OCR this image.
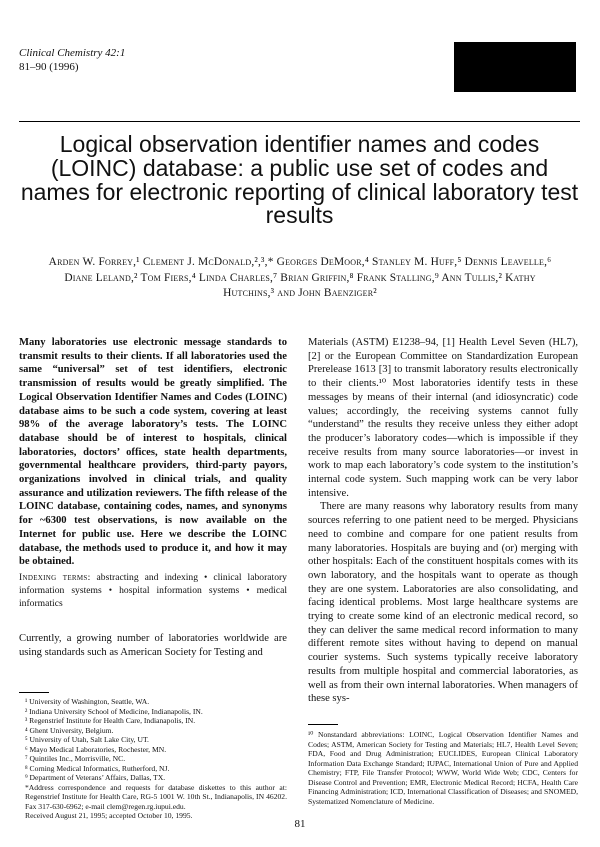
Clinical Chemistry 42:1
81–90 (1996)
Logical observation identifier names and codes (LOINC) database: a public use set of codes and names for electronic reporting of clinical laboratory test results
Arden W. Forrey,¹ Clement J. McDonald,²,³,* Georges DeMoor,⁴ Stanley M. Huff,⁵ Dennis Leavelle,⁶ Diane Leland,² Tom Fiers,⁴ Linda Charles,⁷ Brian Griffin,⁸ Frank Stalling,⁹ Ann Tullis,² Kathy Hutchins,³ and John Baenziger²
Many laboratories use electronic message standards to transmit results to their clients. If all laboratories used the same “universal” set of test identifiers, electronic transmission of results would be greatly simplified. The Logical Observation Identifier Names and Codes (LOINC) database aims to be such a code system, covering at least 98% of the average laboratory’s tests. The LOINC database should be of interest to hospitals, clinical laboratories, doctors’ offices, state health departments, governmental healthcare providers, third-party payors, organizations involved in clinical trials, and quality assurance and utilization reviewers. The fifth release of the LOINC database, containing codes, names, and synonyms for ~6300 test observations, is now available on the Internet for public use. Here we describe the LOINC database, the methods used to produce it, and how it may be obtained.
Indexing terms: abstracting and indexing • clinical laboratory information systems • hospital information systems • medical informatics
Currently, a growing number of laboratories worldwide are using standards such as American Society for Testing and
¹ University of Washington, Seattle, WA.
² Indiana University School of Medicine, Indianapolis, IN.
³ Regenstrief Institute for Health Care, Indianapolis, IN.
⁴ Ghent University, Belgium.
⁵ University of Utah, Salt Lake City, UT.
⁶ Mayo Medical Laboratories, Rochester, MN.
⁷ Quintiles Inc., Morrisville, NC.
⁸ Corning Medical Informatics, Rutherford, NJ.
⁹ Department of Veterans’ Affairs, Dallas, TX.
*Address correspondence and requests for database diskettes to this author at: Regenstrief Institute for Health Care, RG-5 1001 W. 10th St., Indianapolis, IN 46202. Fax 317-630-6962; e-mail clem@regen.rg.iupui.edu.
Received August 21, 1995; accepted October 10, 1995.

Materials (ASTM) E1238–94, [1] Health Level Seven (HL7), [2] or the European Committee on Standardization European Prerelease 1613 [3] to transmit laboratory results electronically to their clients.¹⁰ Most laboratories identify tests in these messages by means of their internal (and idiosyncratic) code values; accordingly, the receiving systems cannot fully “understand” the results they receive unless they either adopt the producer’s laboratory codes—which is impossible if they receive results from many source laboratories—or invest in work to map each laboratory’s code system to the institution’s internal code system. Such mapping work can be very labor intensive.

There are many reasons why laboratory results from many sources referring to one patient need to be merged. Physicians need to combine and compare for one patient results from many laboratories. Hospitals are buying and (or) merging with other hospitals: Each of the constituent hospitals comes with its own laboratory, and the hospitals want to operate as though they are one system. Laboratories are also consolidating, and facing identical problems. Most large healthcare systems are trying to create some kind of an electronic medical record, so they can deliver the same medical record information to many different remote sites without having to depend on manual courier systems. Such systems typically receive laboratory results from multiple hospital and commercial laboratories, as well as from their own internal laboratories. When managers of these sys-

¹⁰ Nonstandard abbreviations: LOINC, Logical Observation Identifier Names and Codes; ASTM, American Society for Testing and Materials; HL7, Health Level Seven; FDA, Food and Drug Administration; EUCLIDES, European Clinical Laboratory Information Data Exchange Standard; IUPAC, International Union of Pure and Applied Chemistry; FTP, File Transfer Protocol; WWW, World Wide Web; CDC, Centers for Disease Control and Prevention; EMR, Electronic Medical Record; HCFA, Health Care Financing Administration; ICD, International Classification of Diseases; and SNOMED, Systematized Nomenclature of Medicine.
81
